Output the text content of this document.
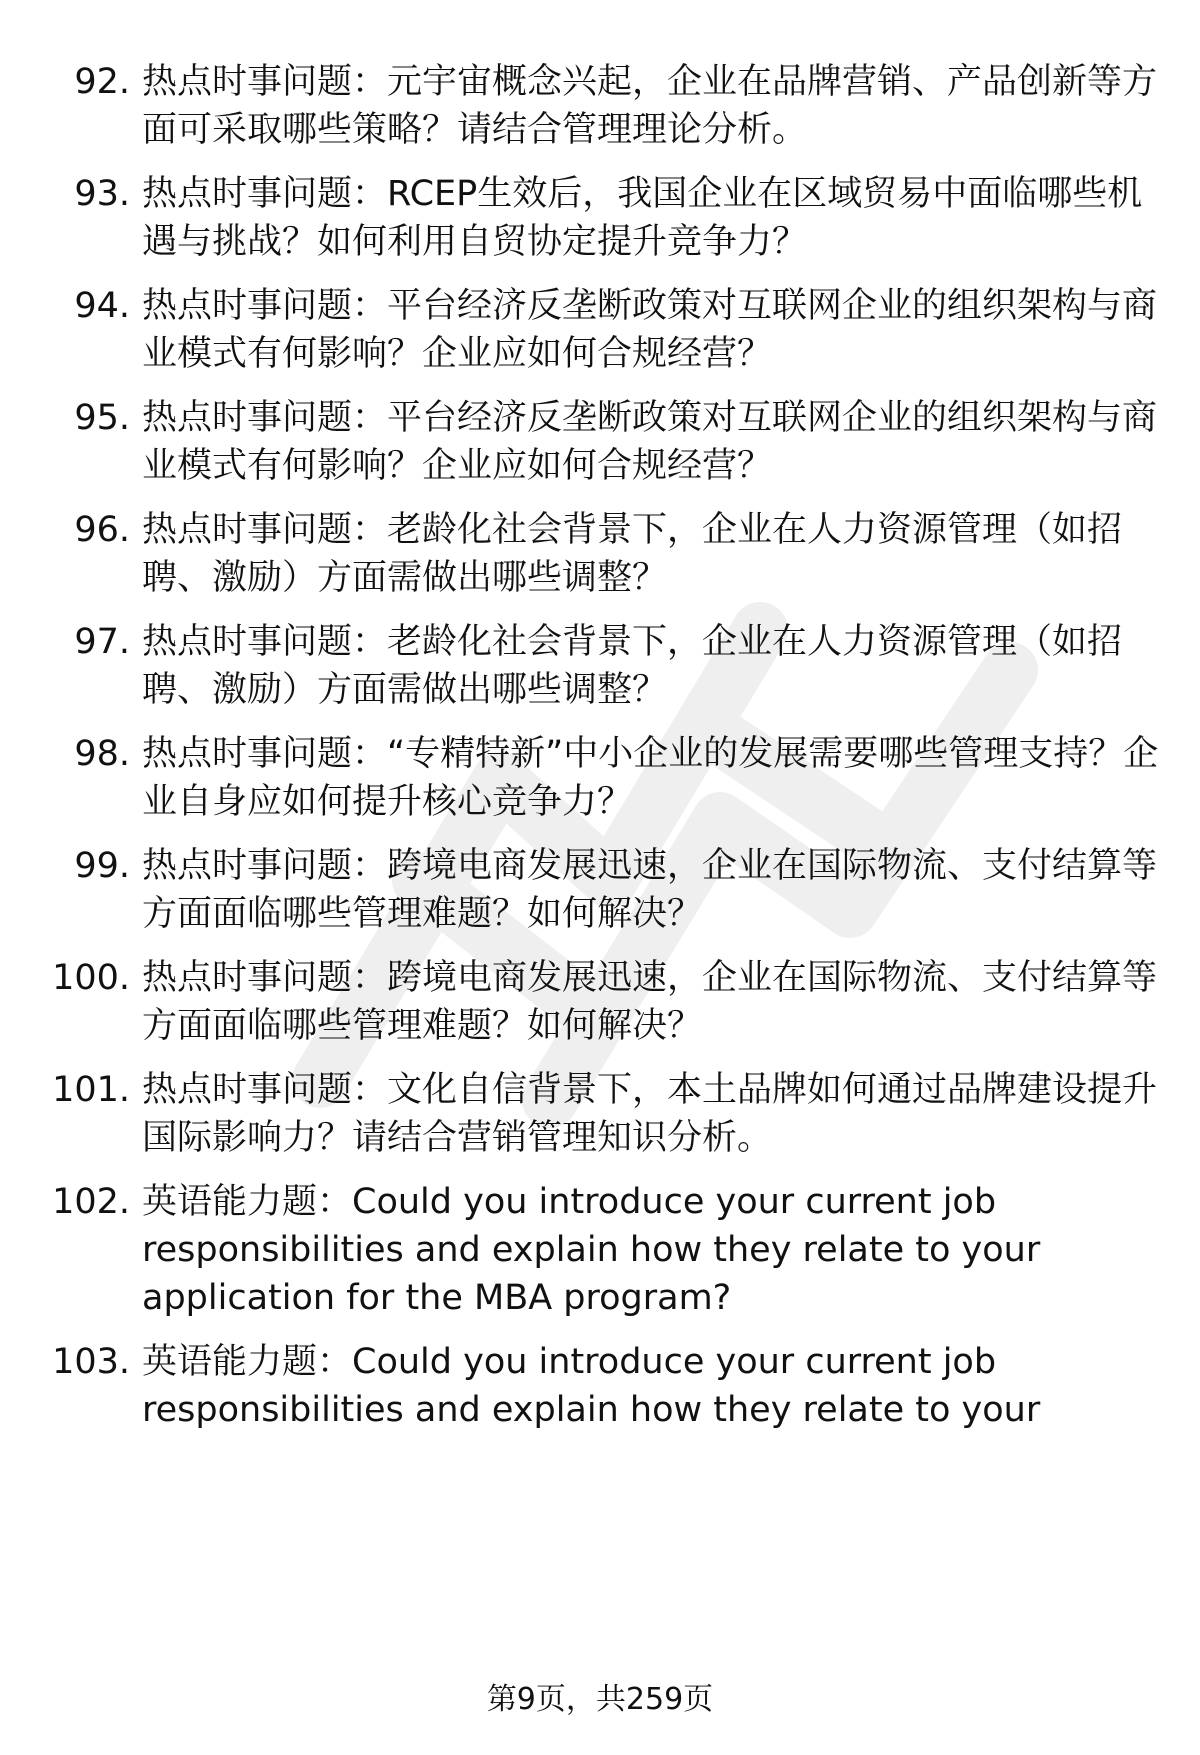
92. 热点时事问题：元宇宙概念兴起，企业在品牌营销、产品创新等方面可采取哪些策略？请结合管理理论分析。
93. 热点时事问题：RCEP生效后，我国企业在区域贸易中面临哪些机遇与挑战？如何利用自贸协定提升竞争力？
94. 热点时事问题：平台经济反垄断政策对互联网企业的组织架构与商业模式有何影响？企业应如何合规经营？
95. 热点时事问题：平台经济反垄断政策对互联网企业的组织架构与商业模式有何影响？企业应如何合规经营？
96. 热点时事问题：老龄化社会背景下，企业在人力资源管理（如招聘、激励）方面需做出哪些调整？
97. 热点时事问题：老龄化社会背景下，企业在人力资源管理（如招聘、激励）方面需做出哪些调整？
98. 热点时事问题：“专精特新”中小企业的发展需要哪些管理支持？企业自身应如何提升核心竞争力？
99. 热点时事问题：跨境电商发展迅速，企业在国际物流、支付结算等方面面临哪些管理难题？如何解决？
100. 热点时事问题：跨境电商发展迅速，企业在国际物流、支付结算等方面面临哪些管理难题？如何解决？
101. 热点时事问题：文化自信背景下，本土品牌如何通过品牌建设提升国际影响力？请结合营销管理知识分析。
102. 英语能力题：Could you introduce your current job responsibilities and explain how they relate to your application for the MBA program?
103. 英语能力题：Could you introduce your current job responsibilities and explain how they relate to your
第9页，共259页
